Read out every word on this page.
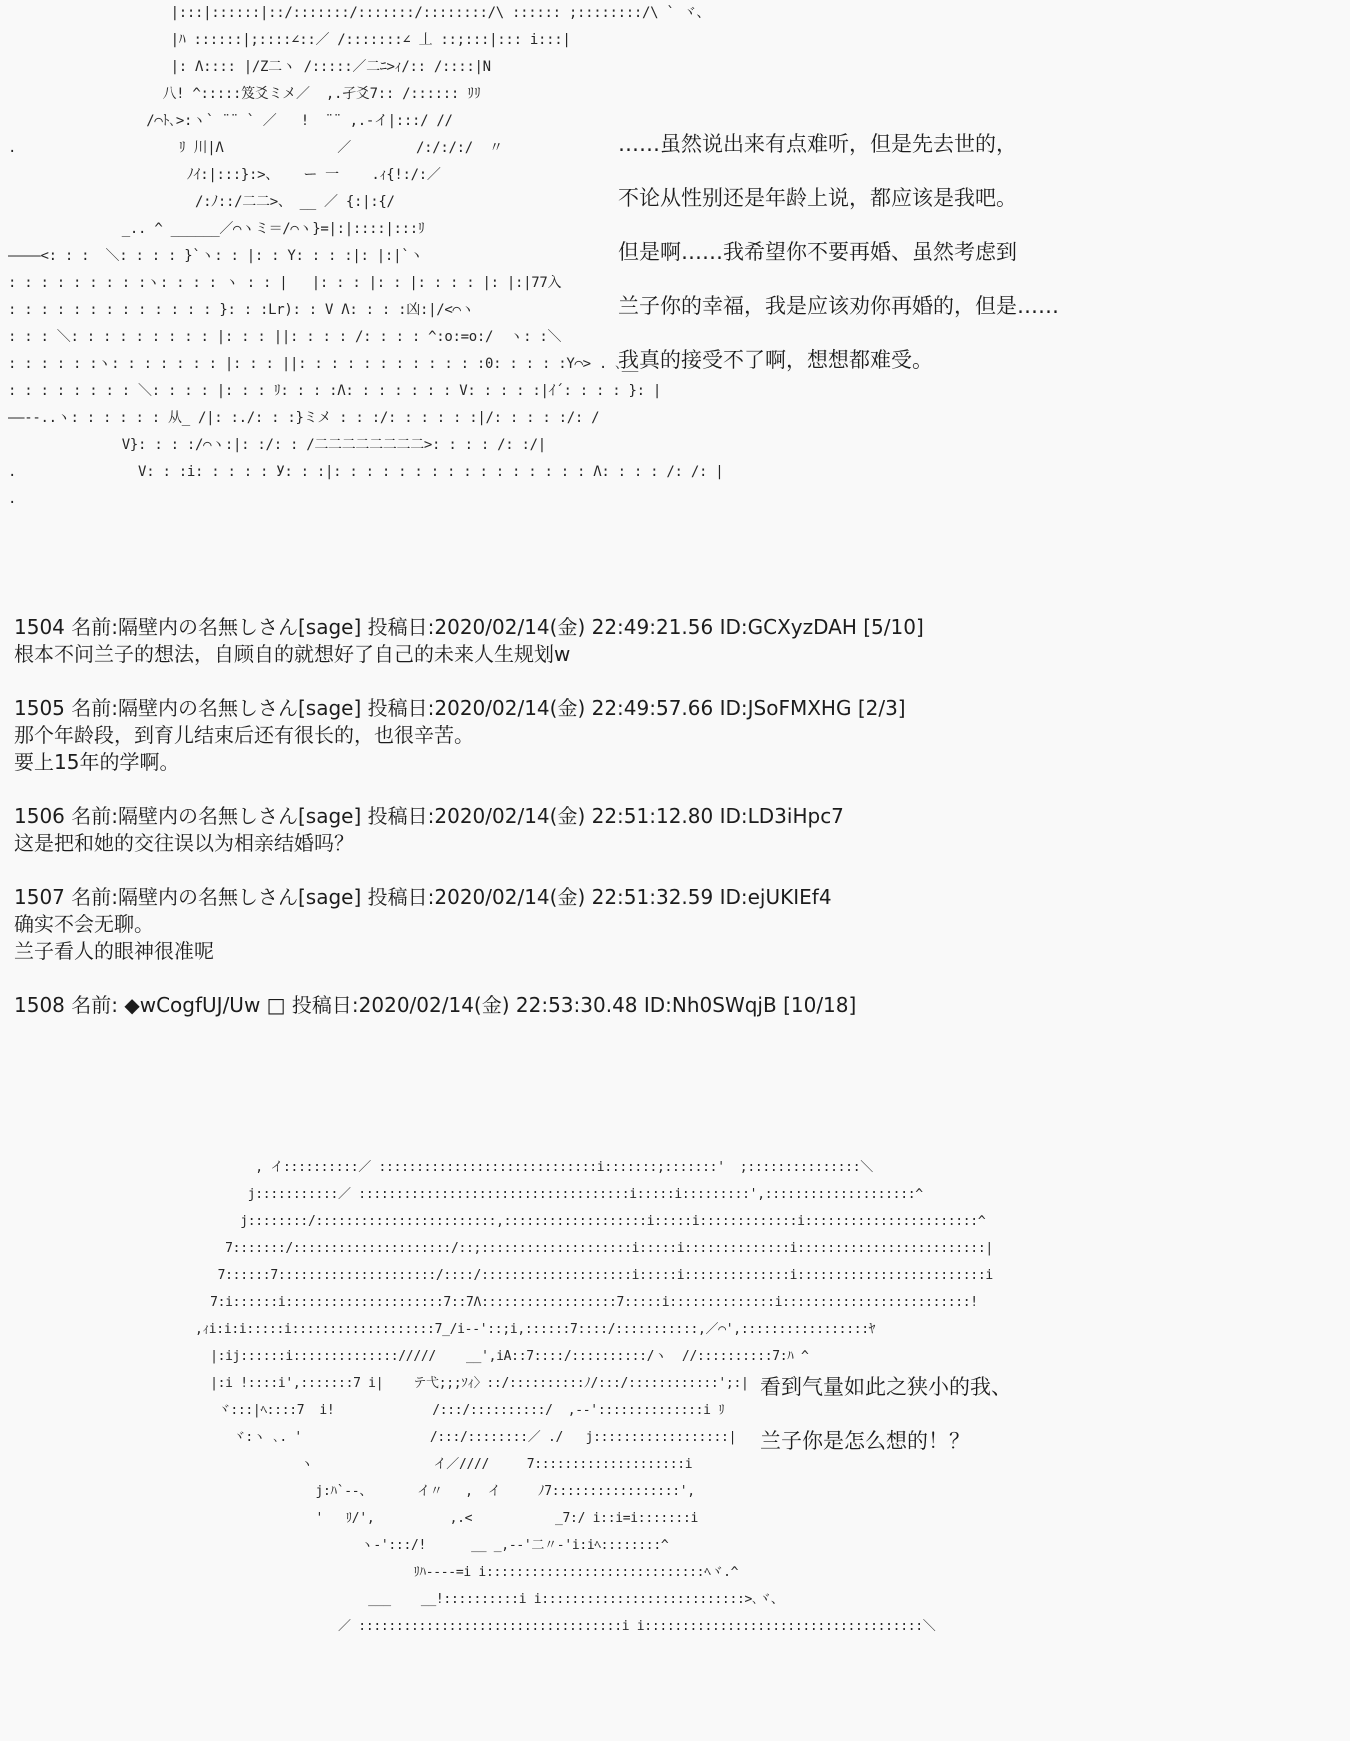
|:::|::::::|::/:::::::/:::::::/::::::::/\ :::::: ;::::::::/\ ` ヾ、
|ﾊ ::::::|;::::∠::／ /:::::::∠ 丄 ::;:::|::: i:::|
|: Λ:::: |/Z二ヽ /:::::／二ﾆ>ｨ/:: /::::|Ν
八! ^:::::笈爻ミメ／  ,.孑爻7:: /:::::: ﾘﾘ
/⌒ﾄ､>:ヽ` ¨¨ ` ／   !  ¨¨ ,.-イ|:::/ //
.                    ﾘ 川|Λ              ／        /:/:/:/  〃
ﾉｲ:|:::}:>、   ー 一    .ｨ{!:/:／
/:ﾉ::/二二>、 __ ／ {:|:{/
_.. ^ ______／⌒ヽミ＝/⌒ヽ}=|:|::::|:::ﾘ
――――<: : :  ＼: : : : }`ヽ: : |: : Y: : : :|: |:|`ヽ
: : : : : : : : :ヽ: : : : ヽ : : |   |: : : |: : |: : : : |: |:|77入
: : : : : : : : : : : : : }: : :Lr): : V Λ: : : :凶:|/<⌒ヽ
: : : ＼: : : : : : : : : |: : : ||: : : : /: : : : ^:o:=o:/  ヽ: :＼
: : : : : :ヽ: : : : : : : |: : : ||: : : : : : : : : : : :0: : : : :Y⌒> . ､__
: : : : : : : : ＼: : : : |: : : ﾘ: : : :Λ: : : : : : : V: : : : :|ｲ´: : : : }: |
――-‐..ヽ: : : : : : 从_ /|: :./: : :}ミメ : : :/: : : : : :|/: : : : :/: /
V}: : : :/⌒ヽ:|: :/: : /二二二二二二二二>: : : : /: :/|
.               V: : :i: : : : : У: : :|: : : : : : : : : : : : : : : : Λ: : : : /: /: |
.
……虽然说出来有点难听，但是先去世的，
不论从性别还是年龄上说，都应该是我吧。
但是啊……我希望你不要再婚、虽然考虑到
兰子你的幸福，我是应该劝你再婚的，但是……
我真的接受不了啊，想想都难受。
1504 名前:隔壁内の名無しさん[sage] 投稿日:2020/02/14(金) 22:49:21.56 ID:GCXyzDAH [5/10]
根本不问兰子的想法，自顾自的就想好了自己的未来人生规划w
1505 名前:隔壁内の名無しさん[sage] 投稿日:2020/02/14(金) 22:49:57.66 ID:JSoFMXHG [2/3]
那个年龄段，到育儿结束后还有很长的，也很辛苦。
要上15年的学啊。
1506 名前:隔壁内の名無しさん[sage] 投稿日:2020/02/14(金) 22:51:12.80 ID:LD3iHpc7
这是把和她的交往误以为相亲结婚吗？
1507 名前:隔壁内の名無しさん[sage] 投稿日:2020/02/14(金) 22:51:32.59 ID:ejUKIEf4
确实不会无聊。
兰子看人的眼神很准呢
1508 名前: ◆wCogfUJ/Uw □ 投稿日:2020/02/14(金) 22:53:30.48 ID:Nh0SWqjB [10/18]
, イ::::::::::／ :::::::::::::::::::::::::::::i:::::::;:::::::'  ;:::::::::::::::＼
j:::::::::::／ ::::::::::::::::::::::::::::::::::::i:::::i:::::::::',::::::::::::::::::::^
j::::::::/::::::::::::::::::::::::,:::::::::::::::::::i:::::i:::::::::::::i:::::::::::::::::::::::^
7:::::::/:::::::::::::::::::::/::;::::::::::::::::::::i:::::i::::::::::::::i:::::::::::::::::::::::::|
7::::::7:::::::::::::::::::::/::::/::::::::::::::::::::i:::::i::::::::::::::i:::::::::::::::::::::::::i
7:i::::::i:::::::::::::::::::::7::7Λ::::::::::::::::::7:::::i::::::::::::::i:::::::::::::::::::::::::!
,ｨi:i:i:::::i:::::::::::::::::::7_/i--'::;i,::::::7::::/:::::::::::,／⌒',:::::::::::::::::ﾔ
|:ij::::::i:::::::::::::://///    __',iA::7::::/::::::::::/ヽ  //::::::::::7:ﾊ ^
|:i !::::i',:::::::7 i|    テ弋;;;ｿｨ〉::/::::::::::ﾉ/:::/::::::::::::';:|  ヽ  `
ヾ:::|ﾍ::::7  i!             /:::/::::::::::/  ,--'::::::::::::::i ﾘ
ヾ:ヽ ､. '                 /:::/::::::::／ ./   j::::::::::::::::::|
ヽ                イ／////     7::::::::::::::::::::i
j:ﾊ`--、      イ〃   ,  イ     ﾉ7:::::::::::::::::',
'   ﾘ/',          ,.<           _7:/ i::i=i:::::::i
ヽ-':::/!      __ _,--'二〃-'i:iﾍ::::::::^
ﾘﾊ----=i i:::::::::::::::::::::::::::::ﾍヾ.^
___    __!::::::::::i i:::::::::::::::::::::::::::>､ヾ、
／ :::::::::::::::::::::::::::::::::::i i:::::::::::::::::::::::::::::::::::::＼
看到气量如此之狭小的我、
兰子你是怎么想的！？
